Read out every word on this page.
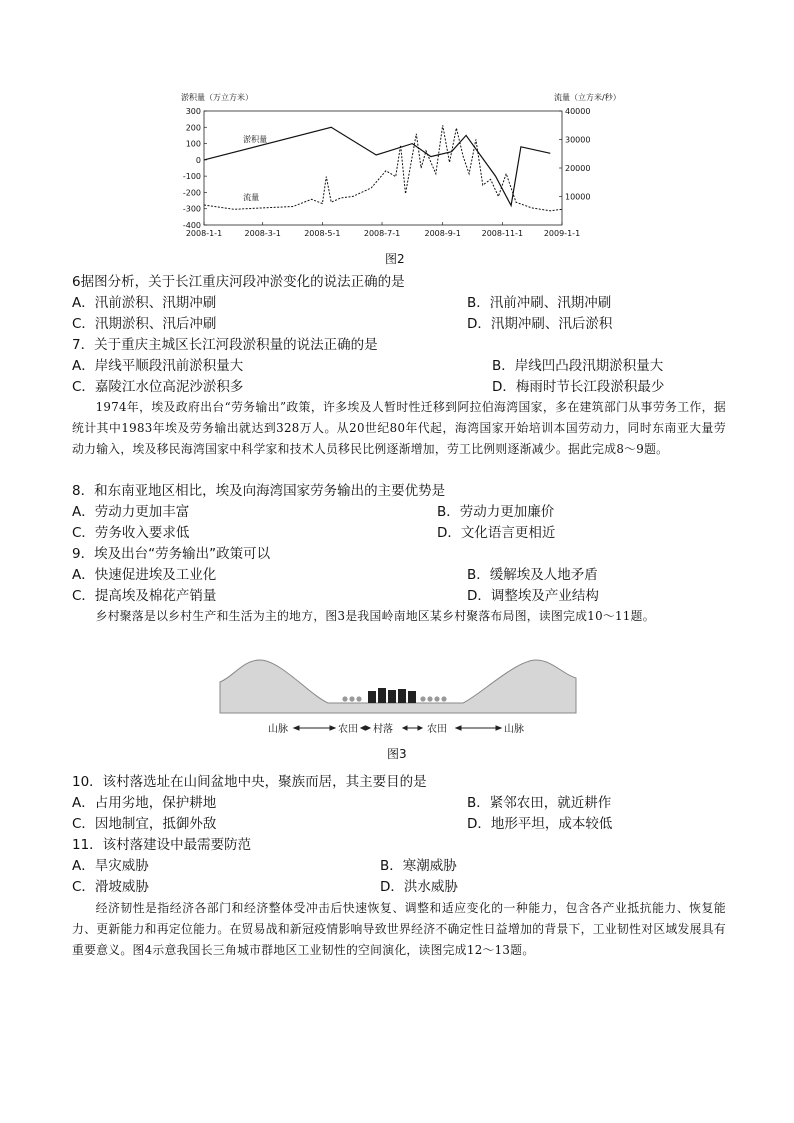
淤积量（万立方米）	流量（立方米/秒）
300
200
100
0
-100
-200
-300
-400
40000
30000
20000
10000
2008-1-1	2008-3-1	2008-5-1	2008-7-1	2008-9-1	2008-11-1	2009-1-1
淤积量
流量
图2
6据图分析，关于长江重庆河段冲淤变化的说法正确的是
A．汛前淤积、汛期冲刷	B．汛前冲刷、汛期冲刷
C．汛期淤积、汛后冲刷	D．汛期冲刷、汛后淤积
7．关于重庆主城区长江河段淤积量的说法正确的是
A．岸线平顺段汛前淤积量大	B．岸线凹凸段汛期淤积量大
C．嘉陵江水位高泥沙淤积多	D．梅雨时节长江段淤积最少
1974年，埃及政府出台“劳务输出”政策，许多埃及人暂时性迁移到阿拉伯海湾国家，多在建筑部门从事劳务工作，据统计其中1983年埃及劳务输出就达到328万人。从20世纪80年代起，海湾国家开始培训本国劳动力，同时东南亚大量劳动力输入，埃及移民海湾国家中科学家和技术人员移民比例逐渐增加，劳工比例则逐渐减少。据此完成8～9题。
8．和东南亚地区相比，埃及向海湾国家劳务输出的主要优势是
A．劳动力更加丰富	B．劳动力更加廉价
C．劳务收入要求低	D．文化语言更相近
9．埃及出台“劳务输出”政策可以
A．快速促进埃及工业化	B．缓解埃及人地矛盾
C．提高埃及棉花产销量	D．调整埃及产业结构
乡村聚落是以乡村生产和生活为主的地方，图3是我国岭南地区某乡村聚落布局图，读图完成10～11题。
山脉	农田 村落	农田	山脉
图3
10．该村落选址在山间盆地中央，聚族而居，其主要目的是
A．占用劣地，保护耕地	B．紧邻农田，就近耕作
C．因地制宜，抵御外敌	D．地形平坦，成本较低
11．该村落建设中最需要防范
A．旱灾威胁	B．寒潮威胁
C．滑坡威胁	D．洪水威胁
经济韧性是指经济各部门和经济整体受冲击后快速恢复、调整和适应变化的一种能力，包含各产业抵抗能力、恢复能力、更新能力和再定位能力。在贸易战和新冠疫情影响导致世界经济不确定性日益增加的背景下，工业韧性对区域发展具有重要意义。图4示意我国长三角城市群地区工业韧性的空间演化，读图完成12～13题。
